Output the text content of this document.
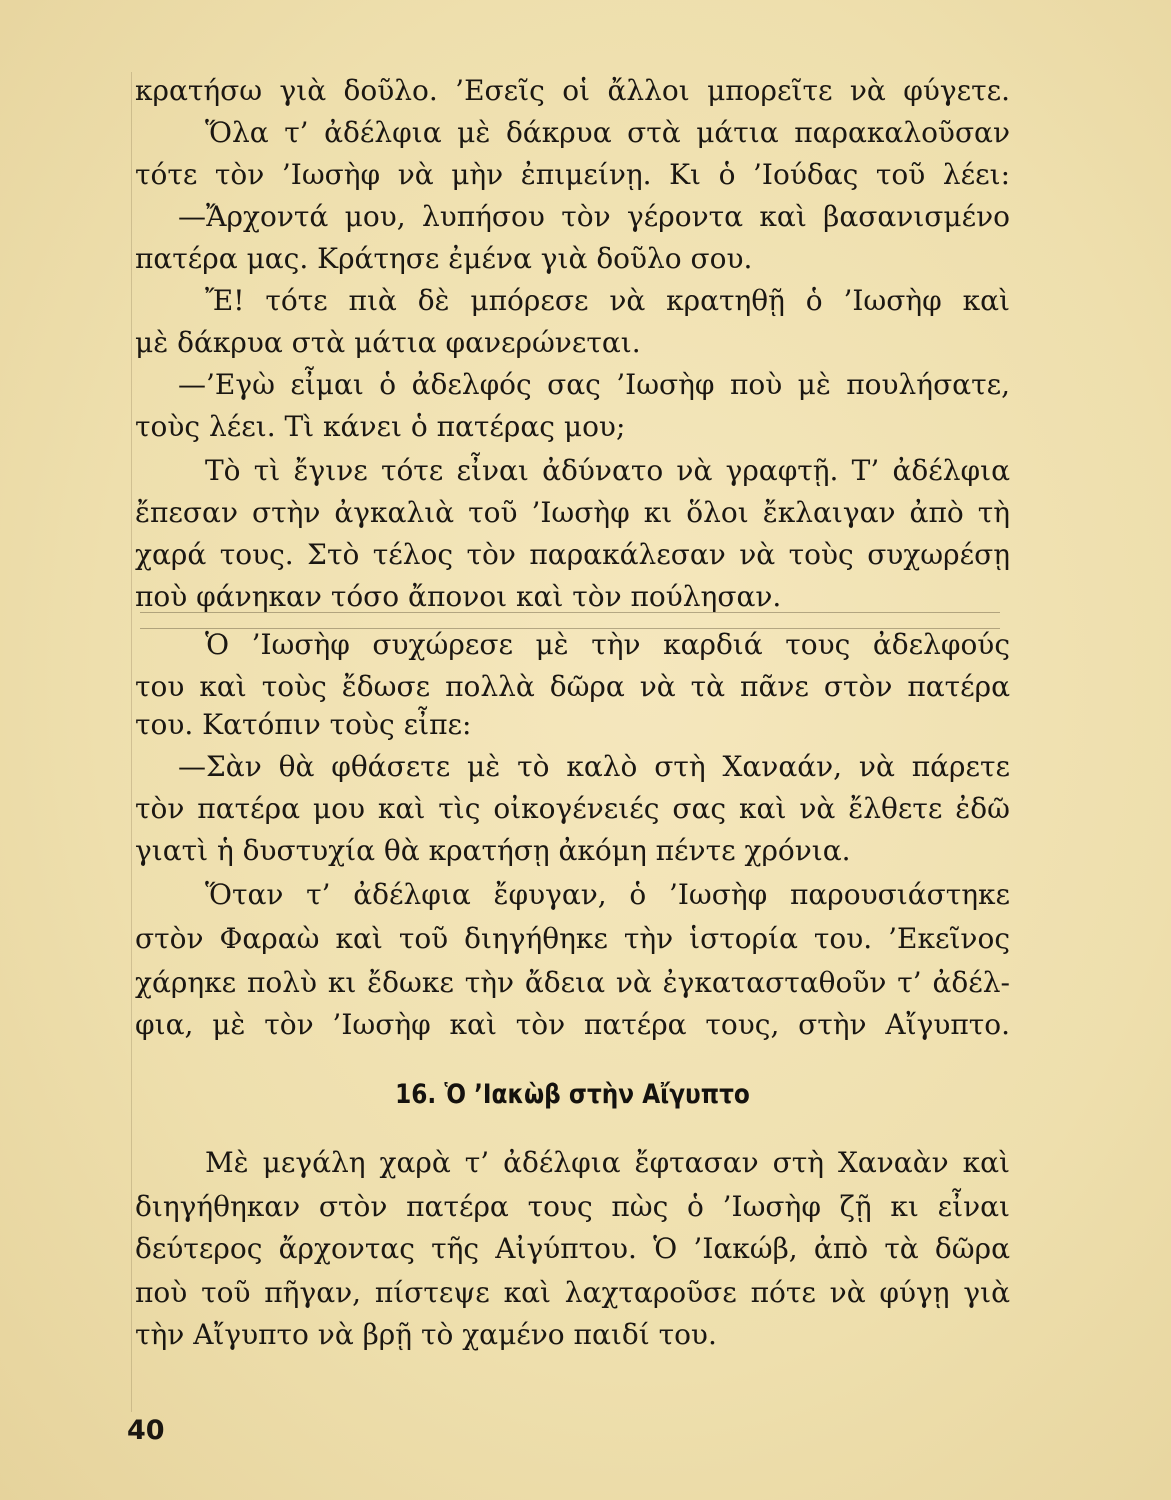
κρατήσω γιὰ δοῦλο. ’Εσεῖς οἱ ἄλλοι μπορεῖτε νὰ φύγετε.
Ὅλα τ’ ἀδέλφια μὲ δάκρυα στὰ μάτια παρακαλοῦσαν
τότε τὸν ’Ιωσὴφ νὰ μὴν ἐπιμείνῃ. Κι ὁ ’Ιούδας τοῦ λέει:
—Ἄρχοντά μου, λυπήσου τὸν γέροντα καὶ βασανισμένο
πατέρα μας. Κράτησε ἐμένα γιὰ δοῦλο σου.
Ἔ! τότε πιὰ δὲ μπόρεσε νὰ κρατηθῇ ὁ ’Ιωσὴφ καὶ
μὲ δάκρυα στὰ μάτια φανερώνεται.
—’Εγὼ εἶμαι ὁ ἀδελφός σας ’Ιωσὴφ ποὺ μὲ πουλήσατε,
τοὺς λέει. Τὶ κάνει ὁ πατέρας μου;
Τὸ τὶ ἔγινε τότε εἶναι ἀδύνατο νὰ γραφτῇ. Τ’ ἀδέλφια
ἔπεσαν στὴν ἀγκαλιὰ τοῦ ’Ιωσὴφ κι ὅλοι ἔκλαιγαν ἀπὸ τὴ
χαρά τους. Στὸ τέλος τὸν παρακάλεσαν νὰ τοὺς συχωρέσῃ
ποὺ φάνηκαν τόσο ἄπονοι καὶ τὸν πούλησαν.
Ὁ ’Ιωσὴφ συχώρεσε μὲ τὴν καρδιά τους ἀδελφούς
του καὶ τοὺς ἔδωσε πολλὰ δῶρα νὰ τὰ πᾶνε στὸν πατέρα
του. Κατόπιν τοὺς εἶπε:
—Σὰν θὰ φθάσετε μὲ τὸ καλὸ στὴ Χαναάν, νὰ πάρετε
τὸν πατέρα μου καὶ τὶς οἰκογένειές σας καὶ νὰ ἔλθετε ἐδῶ
γιατὶ ἡ δυστυχία θὰ κρατήσῃ ἀκόμη πέντε χρόνια.
Ὅταν τ’ ἀδέλφια ἔφυγαν, ὁ ’Ιωσὴφ παρουσιάστηκε
στὸν Φαραὼ καὶ τοῦ διηγήθηκε τὴν ἱστορία του. ’Εκεῖνος
χάρηκε πολὺ κι ἔδωκε τὴν ἄδεια νὰ ἐγκατασταθοῦν τ’ ἀδέλ-
φια, μὲ τὸν ’Ιωσὴφ καὶ τὸν πατέρα τους, στὴν Αἴγυπτο.
16. Ὁ ’Ιακὼβ στὴν Αἴγυπτο
Μὲ μεγάλη χαρὰ τ’ ἀδέλφια ἔφτασαν στὴ Χαναὰν καὶ
διηγήθηκαν στὸν πατέρα τους πὼς ὁ ’Ιωσὴφ ζῇ κι εἶναι
δεύτερος ἄρχοντας τῆς Αἰγύπτου. Ὁ ’Ιακώβ, ἀπὸ τὰ δῶρα
ποὺ τοῦ πῆγαν, πίστεψε καὶ λαχταροῦσε πότε νὰ φύγῃ γιὰ
τὴν Αἴγυπτο νὰ βρῇ τὸ χαμένο παιδί του.
40
